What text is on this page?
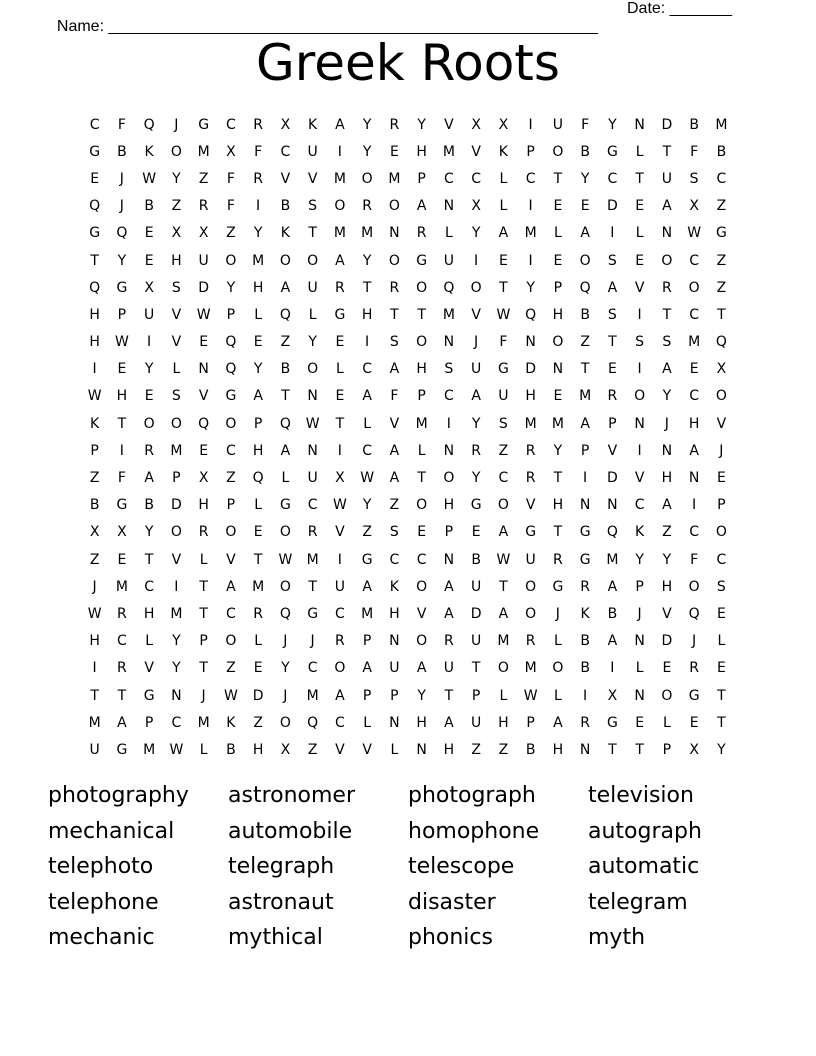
Name: _______________________________________________________

Date: _______

Greek Roots
C	F	Q	J	G	C	R	X	K	A	Y	R	Y	V	X	X	I	U	F	Y	N	D	B	M
G	B	K	O	M	X	F	C	U	I	Y	E	H	M	V	K	P	O	B	G	L	T	F	B
E	J	W	Y	Z	F	R	V	V	M	O	M	P	C	C	L	C	T	Y	C	T	U	S	C
Q	J	B	Z	R	F	I	B	S	O	R	O	A	N	X	L	I	E	E	D	E	A	X	Z
G	Q	E	X	X	Z	Y	K	T	M	M	N	R	L	Y	A	M	L	A	I	L	N	W	G
T	Y	E	H	U	O	M	O	O	A	Y	O	G	U	I	E	I	E	O	S	E	O	C	Z
Q	G	X	S	D	Y	H	A	U	R	T	R	O	Q	O	T	Y	P	Q	A	V	R	O	Z
H	P	U	V	W	P	L	Q	L	G	H	T	T	M	V	W	Q	H	B	S	I	T	C	T
H	W	I	V	E	Q	E	Z	Y	E	I	S	O	N	J	F	N	O	Z	T	S	S	M	Q
I	E	Y	L	N	Q	Y	B	O	L	C	A	H	S	U	G	D	N	T	E	I	A	E	X
W	H	E	S	V	G	A	T	N	E	A	F	P	C	A	U	H	E	M	R	O	Y	C	O
K	T	O	O	Q	O	P	Q	W	T	L	V	M	I	Y	S	M	M	A	P	N	J	H	V
P	I	R	M	E	C	H	A	N	I	C	A	L	N	R	Z	R	Y	P	V	I	N	A	J
Z	F	A	P	X	Z	Q	L	U	X	W	A	T	O	Y	C	R	T	I	D	V	H	N	E
B	G	B	D	H	P	L	G	C	W	Y	Z	O	H	G	O	V	H	N	N	C	A	I	P
X	X	Y	O	R	O	E	O	R	V	Z	S	E	P	E	A	G	T	G	Q	K	Z	C	O
Z	E	T	V	L	V	T	W	M	I	G	C	C	N	B	W	U	R	G	M	Y	Y	F	C
J	M	C	I	T	A	M	O	T	U	A	K	O	A	U	T	O	G	R	A	P	H	O	S
W	R	H	M	T	C	R	Q	G	C	M	H	V	A	D	A	O	J	K	B	J	V	Q	E
H	C	L	Y	P	O	L	J	J	R	P	N	O	R	U	M	R	L	B	A	N	D	J	L
I	R	V	Y	T	Z	E	Y	C	O	A	U	A	U	T	O	M	O	B	I	L	E	R	E
T	T	G	N	J	W	D	J	M	A	P	P	Y	T	P	L	W	L	I	X	N	O	G	T
M	A	P	C	M	K	Z	O	Q	C	L	N	H	A	U	H	P	A	R	G	E	L	E	T
U	G	M	W	L	B	H	X	Z	V	V	L	N	H	Z	Z	B	H	N	T	T	P	X	Y
photography	astronomer	photograph	television
mechanical	automobile	homophone	autograph
telephoto	telegraph	telescope	automatic
telephone	astronaut	disaster	telegram
mechanic	mythical	phonics	myth
